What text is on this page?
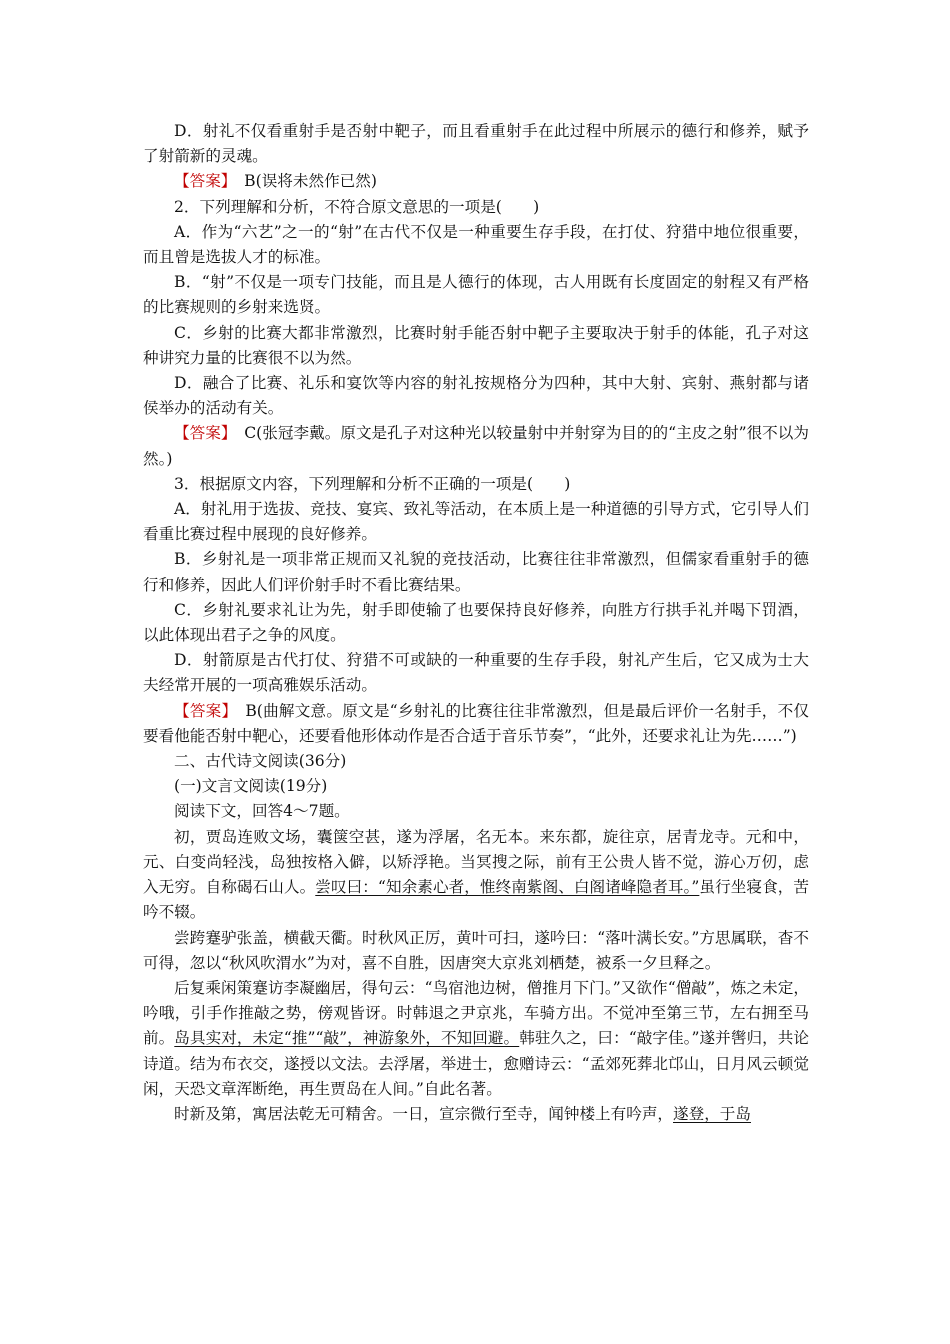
D．射礼不仅看重射手是否射中靶子，而且看重射手在此过程中所展示的德行和修养，赋予了射箭新的灵魂。

【答案】　B(误将未然作已然)

2．下列理解和分析，不符合原文意思的一项是(　　)

A．作为“六艺”之一的“射”在古代不仅是一种重要生存手段，在打仗、狩猎中地位很重要，而且曾是选拔人才的标准。

B．“射”不仅是一项专门技能，而且是人德行的体现，古人用既有长度固定的射程又有严格的比赛规则的乡射来选贤。

C．乡射的比赛大都非常激烈，比赛时射手能否射中靶子主要取决于射手的体能，孔子对这种讲究力量的比赛很不以为然。

D．融合了比赛、礼乐和宴饮等内容的射礼按规格分为四种，其中大射、宾射、燕射都与诸侯举办的活动有关。

【答案】　C(张冠李戴。原文是孔子对这种光以较量射中并射穿为目的的“主皮之射”很不以为然。)

3．根据原文内容，下列理解和分析不正确的一项是(　　)

A．射礼用于选拔、竞技、宴宾、致礼等活动，在本质上是一种道德的引导方式，它引导人们看重比赛过程中展现的良好修养。

B．乡射礼是一项非常正规而又礼貌的竞技活动，比赛往往非常激烈，但儒家看重射手的德行和修养，因此人们评价射手时不看比赛结果。

C．乡射礼要求礼让为先，射手即使输了也要保持良好修养，向胜方行拱手礼并喝下罚酒，以此体现出君子之争的风度。

D．射箭原是古代打仗、狩猎不可或缺的一种重要的生存手段，射礼产生后，它又成为士大夫经常开展的一项高雅娱乐活动。

【答案】　B(曲解文意。原文是“乡射礼的比赛往往非常激烈，但是最后评价一名射手，不仅要看他能否射中靶心，还要看他形体动作是否合适于音乐节奏”，“此外，还要求礼让为先……”)

二、古代诗文阅读(36分)

(一)文言文阅读(19分)

阅读下文，回答4～7题。

初，贾岛连败文场，囊箧空甚，遂为浮屠，名无本。来东都，旋往京，居青龙寺。元和中，元、白变尚轻浅，岛独按格入僻，以矫浮艳。当冥搜之际，前有王公贵人皆不觉，游心万仞，虑入无穷。自称碣石山人。尝叹曰：“知余素心者，惟终南紫阁、白阁诸峰隐者耳。”虽行坐寝食，苦吟不辍。

尝跨蹇驴张盖，横截天衢。时秋风正厉，黄叶可扫，遂吟曰：“落叶满长安。”方思属联，杳不可得，忽以“秋风吹渭水”为对，喜不自胜，因唐突大京兆刘栖楚，被系一夕旦释之。

后复乘闲策蹇访李凝幽居，得句云：“鸟宿池边树，僧推月下门。”又欲作“僧敲”，炼之未定，吟哦，引手作推敲之势，傍观皆讶。时韩退之尹京兆，车骑方出。不觉冲至第三节，左右拥至马前。岛具实对，未定“推”“敲”，神游象外，不知回避。韩驻久之，曰：“敲字佳。”遂并辔归，共论诗道。结为布衣交，遂授以文法。去浮屠，举进士，愈赠诗云：“孟郊死葬北邙山，日月风云顿觉闲，天恐文章浑断绝，再生贾岛在人间。”自此名著。

时新及第，寓居法乾无可精舍。一日，宣宗微行至寺，闻钟楼上有吟声，遂登，于岛
